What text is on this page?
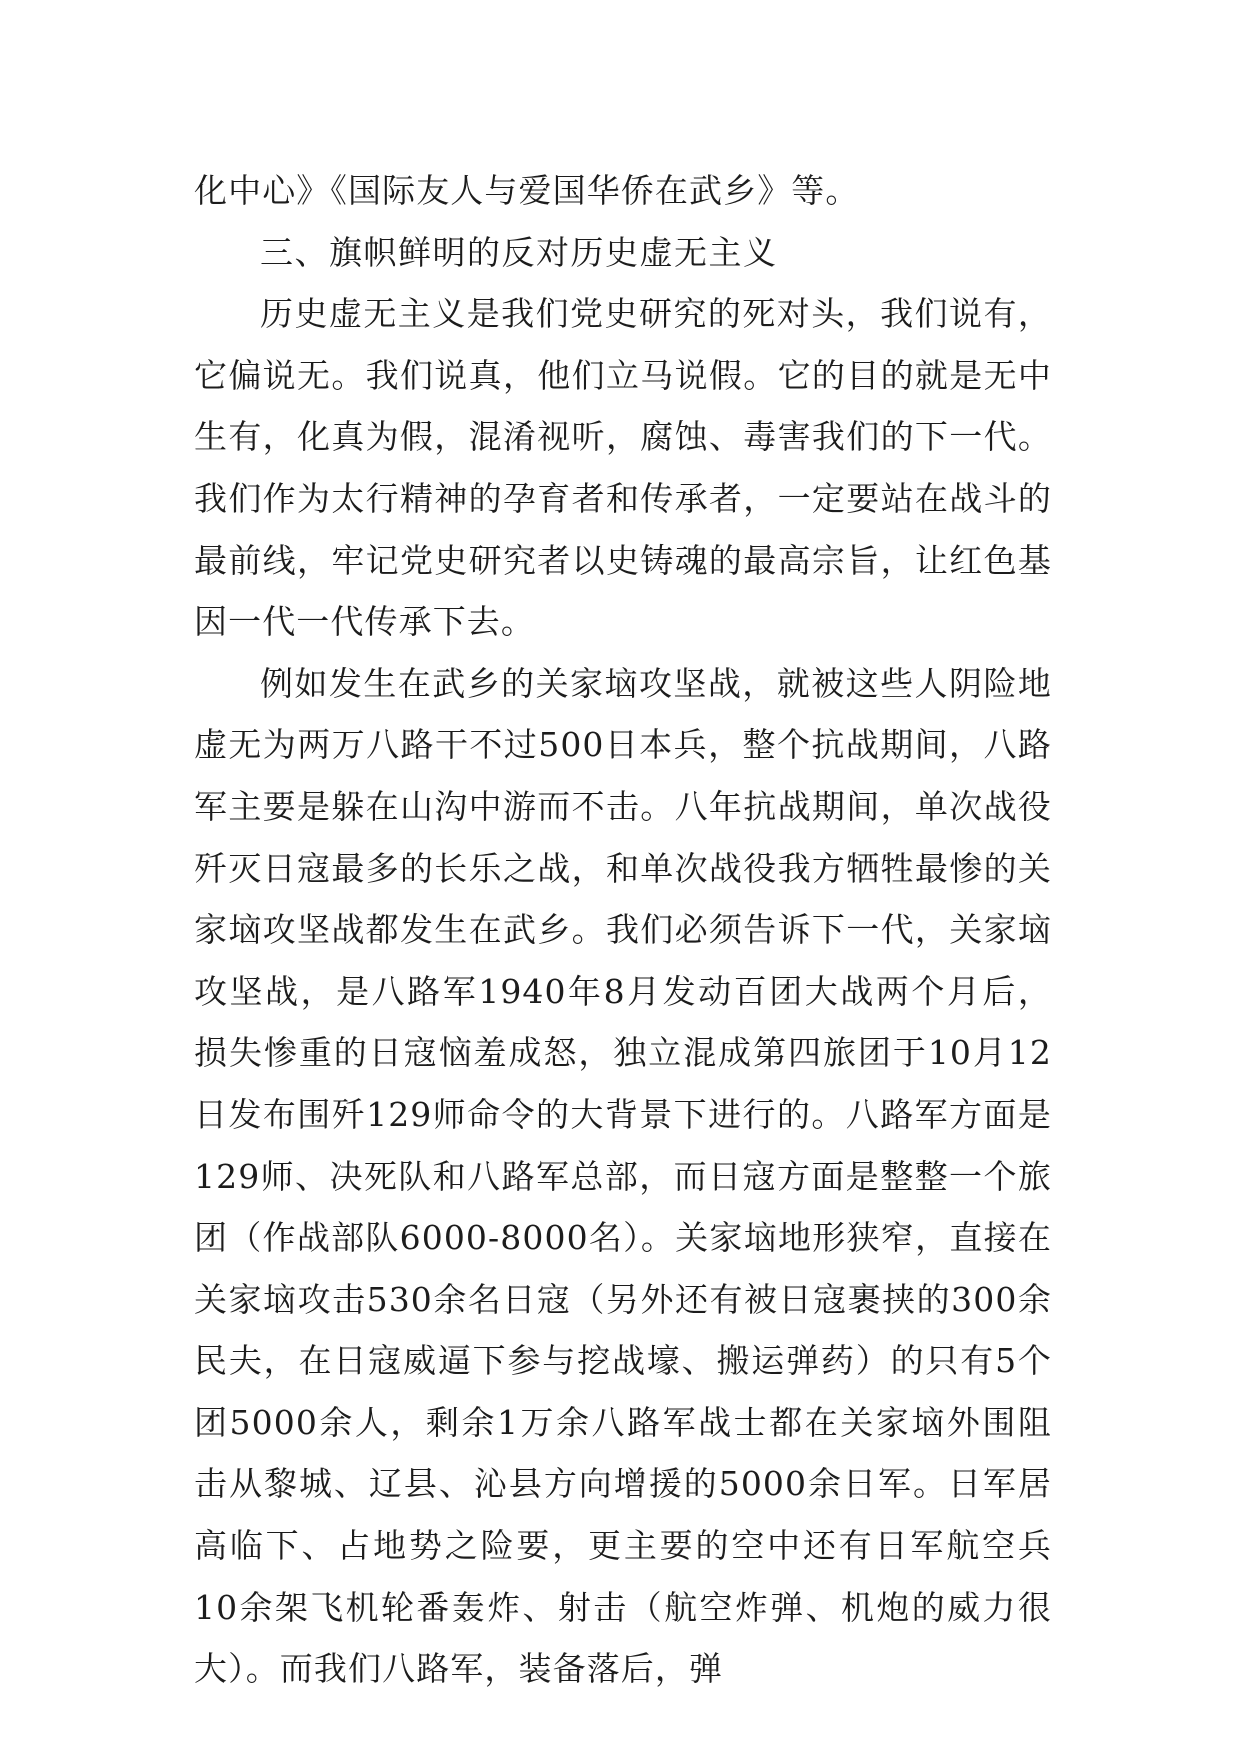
化中心》《国际友人与爱国华侨在武乡》等。

三、旗帜鲜明的反对历史虚无主义

历史虚无主义是我们党史研究的死对头，我们说有，它偏说无。我们说真，他们立马说假。它的目的就是无中生有，化真为假，混淆视听，腐蚀、毒害我们的下一代。我们作为太行精神的孕育者和传承者，一定要站在战斗的最前线，牢记党史研究者以史铸魂的最高宗旨，让红色基因一代一代传承下去。

例如发生在武乡的关家垴攻坚战，就被这些人阴险地虚无为两万八路干不过500日本兵，整个抗战期间，八路军主要是躲在山沟中游而不击。八年抗战期间，单次战役歼灭日寇最多的长乐之战，和单次战役我方牺牲最惨的关家垴攻坚战都发生在武乡。我们必须告诉下一代，关家垴攻坚战，是八路军1940年8月发动百团大战两个月后，损失惨重的日寇恼羞成怒，独立混成第四旅团于10月12日发布围歼129师命令的大背景下进行的。八路军方面是129师、决死队和八路军总部，而日寇方面是整整一个旅团（作战部队6000-8000名）。关家垴地形狭窄，直接在关家垴攻击530余名日寇（另外还有被日寇裹挟的300余民夫，在日寇威逼下参与挖战壕、搬运弹药）的只有5个团5000余人，剩余1万余八路军战士都在关家垴外围阻击从黎城、辽县、沁县方向增援的5000余日军。日军居高临下、占地势之险要，更主要的空中还有日军航空兵10余架飞机轮番轰炸、射击（航空炸弹、机炮的威力很大）。而我们八路军，装备落后，弹
